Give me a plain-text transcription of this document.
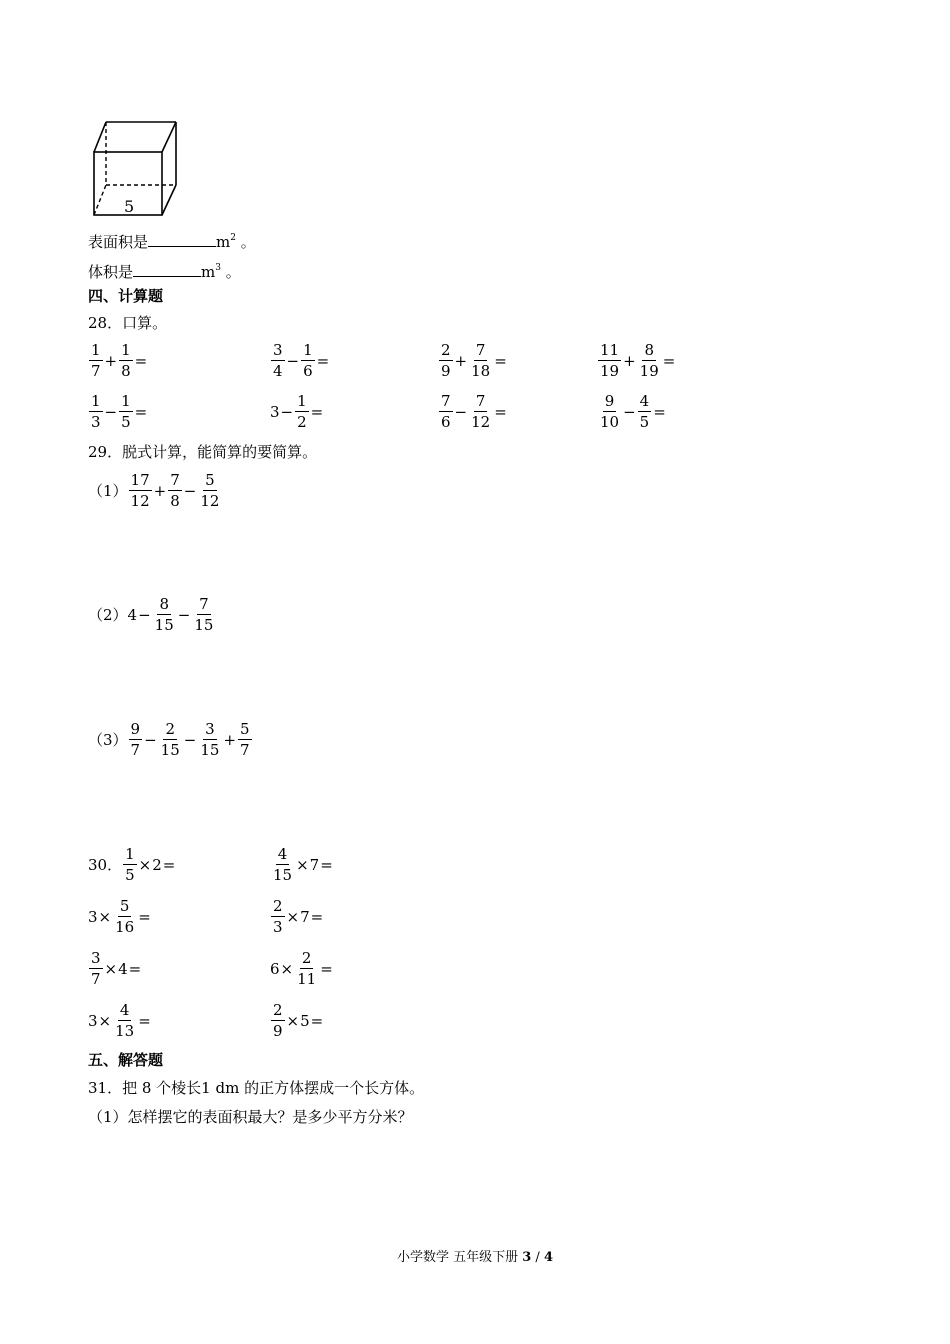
5
表面积是	$m^2$ 。
体积是	$m^3$ 。
四、计算题
28．口算。
$\frac{1}{7} + \frac{1}{8}$ =	$\frac{3}{4} - \frac{1}{6}$ =	$\frac{2}{9} + \frac{7}{18}$ =	$\frac{11}{19} + \frac{8}{19}$ =
$\frac{1}{3} - \frac{1}{5}$ =	$3 - \frac{1}{2}$ =	$\frac{7}{6} - \frac{7}{12}$ =	$\frac{9}{10} - \frac{4}{5}$ =
29．脱式计算，能简算的要简算。
$(1) \frac{17}{12} + \frac{7}{8} - \frac{5}{12}$
（2） $4 - \frac{8}{15} - \frac{7}{15}$
$(3) \frac{9}{7} - \frac{2}{15} - \frac{3}{15} + \frac{5}{7}$
30． $\frac{1}{5} \times 2$ =	$\frac{4}{15} \times 7$ =
$3 \times \frac{5}{16}$ =	$\frac{2}{3} \times 7$ =
$\frac{3}{7} \times 4$ =	$6 \times \frac{2}{11}$ =
$3 \times \frac{4}{13}$ =	$\frac{2}{9} \times 5$ =
五、解答题
31．把 8 个棱长1 dm 的正方体摆成一个长方体。
（1）怎样摆它的表面积最大？是多少平方分米？
小学数学 五年级下册 3 / 4
